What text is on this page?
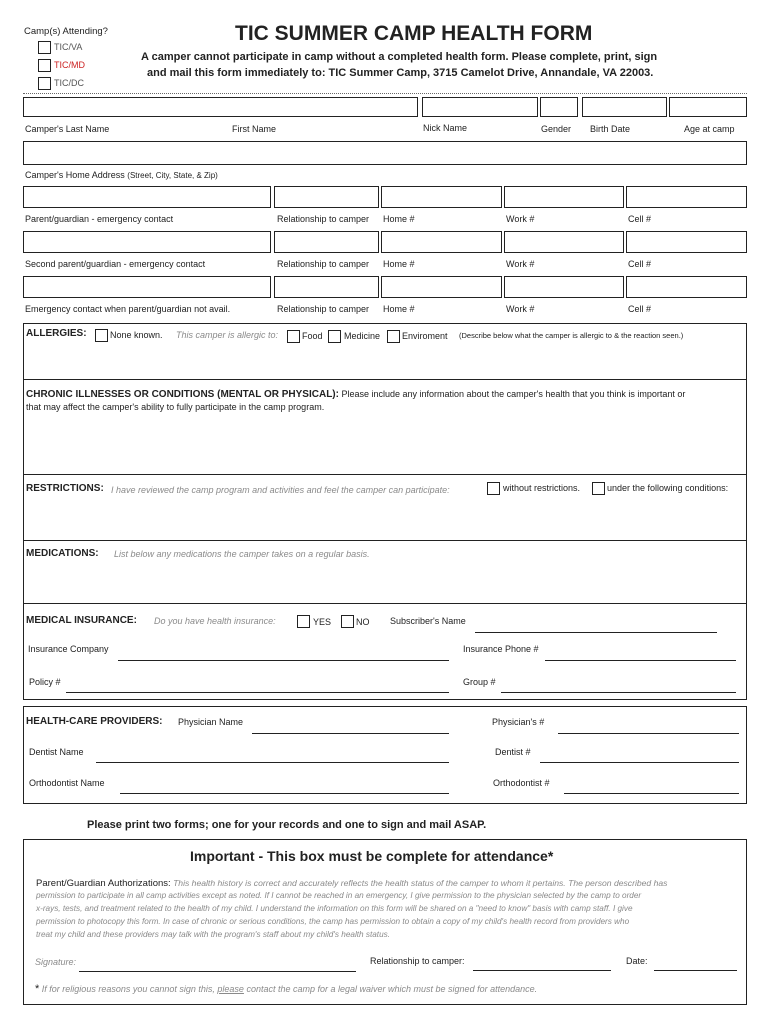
Camp(s) Attending?
TIC/VA
TIC/MD
TIC/DC
TIC SUMMER CAMP HEALTH FORM
A camper cannot participate in camp without a completed health form. Please complete, print, sign
and mail this form immediately to: TIC Summer Camp, 3715 Camelot Drive, Annandale, VA 22003.
Camper's Last Name	First Name	Nick Name	Gender Birth Date	Age at camp
Camper's Home Address (Street, City, State, & Zip)
Parent/guardian - emergency contact	Relationship to camper Home #	Work #	Cell #
Second parent/guardian - emergency contact	Relationship to camper Home #	Work #	Cell #
Emergency contact when parent/guardian not avail.	Relationship to camper Home #	Work #	Cell #
ALLERGIES:	None known. This camper is allergic to:	Food Medicine Enviroment (Describe below what the camper is allergic to & the reaction seen.)
CHRONIC ILLNESSES OR CONDITIONS (MENTAL OR PHYSICAL): Please include any information about the camper's health that you think is important or
that may affect the camper's ability to fully participate in the camp program.
RESTRICTIONS: I have reviewed the camp program and activities and feel the camper can participate:	without restrictions.	under the following conditions:
MEDICATIONS: List below any medications the camper takes on a regular basis.
MEDICAL INSURANCE: Do you have health insurance:	YES	NO Subscriber's Name
Insurance Company	Insurance Phone #
Policy #	Group #
HEALTH-CARE PROVIDERS: Physician Name	Physician's #
Dentist Name	Dentist #
Orthodontist Name	Orthodontist #
Please print two forms; one for your records and one to sign and mail ASAP.
Important - This box must be complete for attendance*
Parent/Guardian Authorizations: This health history is correct and accurately reflects the health status of the camper to whom it pertains. The person described has
permission to participate in all camp activities except as noted. If I cannot be reached in an emergency, I give permission to the physician selected by the camp to order
x-rays, tests, and treatment related to the health of my child. I understand the information on this form will be shared on a "need to know" basis with camp staff. I give
permission to photocopy this form. In case of chronic or serious conditions, the camp has permission to obtain a copy of my child's health record from providers who
treat my child and these providers may talk with the program's staff about my child's health status.
Signature:	Relationship to camper:	Date:
* If for religious reasons you cannot sign this, please contact the camp for a legal waiver which must be signed for attendance.
